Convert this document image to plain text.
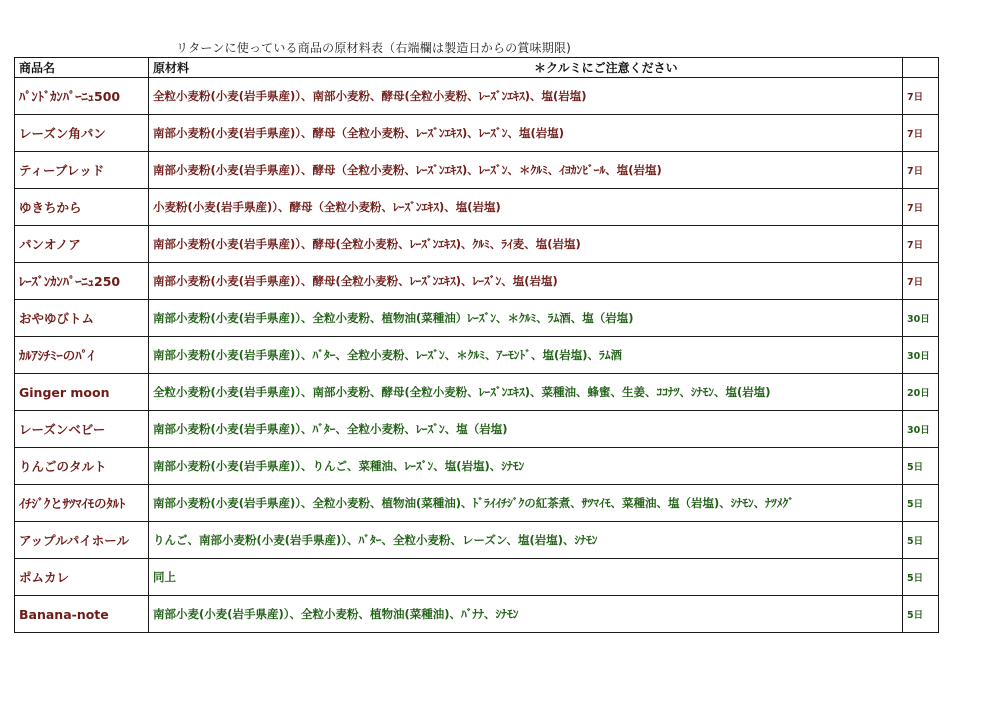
リターンに使っている商品の原材料表（右端欄は製造日からの賞味期限)
商品名	原材料 ＊クルミにご注意ください	
ﾊﾟﾝﾄﾞｶﾝﾊﾟｰﾆｭ500	全粒小麦粉(小麦(岩手県産)）、南部小麦粉、酵母(全粒小麦粉、ﾚｰｽﾞﾝｴｷｽ)、塩(岩塩)	7日
レーズン角パン	南部小麦粉(小麦(岩手県産)）、酵母（全粒小麦粉、ﾚｰｽﾞﾝｴｷｽ)、ﾚｰｽﾞﾝ、塩(岩塩)	7日
ティーブレッド	南部小麦粉(小麦(岩手県産)）、酵母（全粒小麦粉、ﾚｰｽﾞﾝｴｷｽ)、ﾚｰｽﾞﾝ、＊ｸﾙﾐ、ｲﾖｶﾝﾋﾞｰﾙ、塩(岩塩)	7日
ゆきちから	小麦粉(小麦(岩手県産)）、酵母（全粒小麦粉、ﾚｰｽﾞﾝｴｷｽ)、塩(岩塩)	7日
パンオノア	南部小麦粉(小麦(岩手県産)）、酵母(全粒小麦粉、ﾚｰｽﾞﾝｴｷｽ)、ｸﾙﾐ、ﾗｲ麦、塩(岩塩)	7日
ﾚｰｽﾞﾝｶﾝﾊﾟｰﾆｭ250	南部小麦粉(小麦(岩手県産)）、酵母(全粒小麦粉、ﾚｰｽﾞﾝｴｷｽ)、ﾚｰｽﾞﾝ、塩(岩塩)	7日
おやゆびトム	南部小麦粉(小麦(岩手県産)）、全粒小麦粉、植物油(菜種油）ﾚｰｽﾞﾝ、＊ｸﾙﾐ、ﾗﾑ酒、塩（岩塩)	30日
ｶﾙｱｼﾁﾐｰのﾊﾟｲ	南部小麦粉(小麦(岩手県産)）、ﾊﾞﾀｰ、全粒小麦粉、ﾚｰｽﾞﾝ、＊ｸﾙﾐ、ｱｰﾓﾝﾄﾞ、塩(岩塩)、ﾗﾑ酒	30日
Ginger moon	全粒小麦粉(小麦(岩手県産)）、南部小麦粉、酵母(全粒小麦粉、ﾚｰｽﾞﾝｴｷｽ)、菜種油、蜂蜜、生姜、ｺｺﾅﾂ、ｼﾅﾓﾝ、塩(岩塩)	20日
レーズンベビー	南部小麦粉(小麦(岩手県産)）、ﾊﾞﾀｰ、全粒小麦粉、ﾚｰｽﾞﾝ、塩（岩塩)	30日
りんごのタルト	南部小麦粉(小麦(岩手県産)）、りんご、菜種油、ﾚｰｽﾞﾝ、塩(岩塩)、ｼﾅﾓﾝ	5日
ｲﾁｼﾞｸとｻﾂﾏｲﾓのﾀﾙﾄ	南部小麦粉(小麦(岩手県産)）、全粒小麦粉、植物油(菜種油)、ﾄﾞﾗｲｲﾁｼﾞｸの紅茶煮、ｻﾂﾏｲﾓ、菜種油、塩（岩塩)、ｼﾅﾓﾝ、ﾅﾂﾒｸﾞ	5日
アップルパイホール	りんご、南部小麦粉(小麦(岩手県産)）、ﾊﾞﾀｰ、全粒小麦粉、レーズン、塩(岩塩)、ｼﾅﾓﾝ	5日
ポムカレ	同上	5日
Banana-note	南部小麦(小麦(岩手県産)）、全粒小麦粉、植物油(菜種油)、ﾊﾞﾅﾅ、ｼﾅﾓﾝ	5日
